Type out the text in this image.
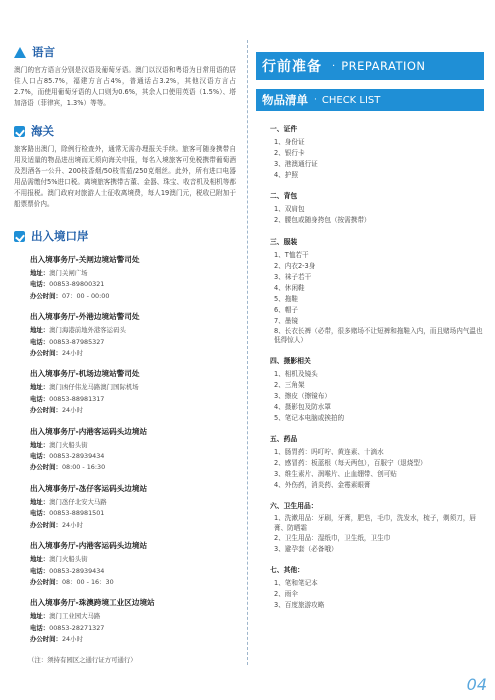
语言

澳门的官方语言分别是汉语及葡萄牙语。澳门以汉语和粤语为日常用语的居住人口占85.7%，福建方言占4%，普通话占3.2%，其他汉语方言占2.7%，而使用葡萄牙语的人口则为0.6%，其余人口使用英语（1.5%）、塔加洛语（菲律宾，1.3%）等等。

海关

旅客路出澳门，除例行检查外，通常无需办理报关手续。旅客可随身携带自用及适量的物品进出境而无须向海关申报，每名入境旅客可免税携带葡萄酒及烈酒各一公升、200枝香烟/50枝雪茄/250克烟丝。此外，所有进口电器用品需缴付5%进口税。离境旅客携带古董、金器、珠宝、收音机及相机等都不用报税。澳门政府对旅游人士征收离境费，每人19澳门元，税收已附加于船票票价内。

出入境口岸
出入境事务厅-关闸边境站警司处
地址：澳门关闸广场
电话：00853-89800321
办公时间：07：00 - 00:00
出入境事务厅-外港边境站警司处
地址：澳门海港前地外港客运码头
电话：00853-87985327
办公时间：24小时
出入境事务厅-机场边境站警司处
地址：澳门凼仔伟龙马路澳门国际机场
电话：00853-88981317
办公时间：24小时
出入境事务厅-内港客运码头边境站
地址：澳门火船头街
电话：00853-28939434
办公时间：08:00 - 16:30
出入境事务厅-氹仔客运码头边境站
地址：澳门氹仔北安大马路
电话：00853-88981501
办公时间：24小时
出入境事务厅-内港客运码头边境站
地址：澳门火船头街
电话：00853-28939434
办公时间：08：00 - 16：30
出入境事务厅-珠澳跨境工业区边境站
地址：澳门工业园大马路
电话：00853-28271327
办公时间：24小时

（注：须持有园区之通行证方可通行）

行前准备 · PREPARATION
物品清单 · CHECK LIST
一、证件
1、身份证
2、银行卡
3、港澳通行证
4、护照
二、背包
1、双肩包
2、腰包或随身挎包（按需携带）
三、服装
1、T恤若干
2、内衣2-3身
3、袜子若干
4、休闲鞋
5、拖鞋
6、帽子
7、墨镜
8、长衣长裤（必带，很多赌场不让短裤和拖鞋入内，而且赌场内气温也低得惊人）
四、摄影相关
1、相机及镜头
2、三角架
3、擦皮（擦镜布）
4、摄影包及防水罩
5、笔记本电脑或挨拍的
五、药品
1、肠胃药：吗叮咛、黄连素、十滴水
2、感冒药：板蓝根（每天两包），百服宁（退烧型）
3、维生素片、润喉片、止血绷带、创可贴
4、外伤药，消炎药、金霉素眼膏
六、卫生用品：
1、洗漱用品：牙刷，牙膏，肥皂，毛巾，洗发水，梳子，剃须刀，唇膏、防晒霜
2、卫生用品：湿纸巾，卫生纸，卫生巾
3、避孕套（必备哦）
七、其他：
1、笔和笔记本
2、雨伞
3、百度旅游攻略
04
